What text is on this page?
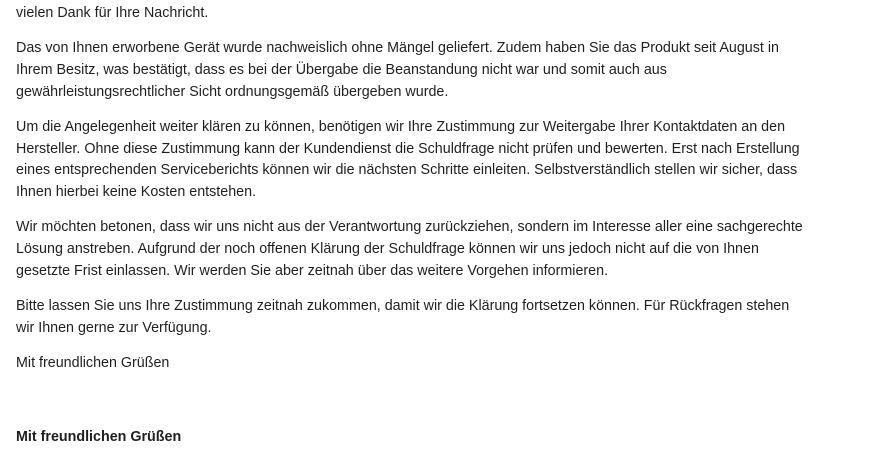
vielen Dank für Ihre Nachricht.

Das von Ihnen erworbene Gerät wurde nachweislich ohne Mängel geliefert. Zudem haben Sie das Produkt seit August in Ihrem Besitz, was bestätigt, dass es bei der Übergabe die Beanstandung nicht war und somit auch aus gewährleistungsrechtlicher Sicht ordnungsgemäß übergeben wurde.

Um die Angelegenheit weiter klären zu können, benötigen wir Ihre Zustimmung zur Weitergabe Ihrer Kontaktdaten an den Hersteller. Ohne diese Zustimmung kann der Kundendienst die Schuldfrage nicht prüfen und bewerten. Erst nach Erstellung eines entsprechenden Serviceberichts können wir die nächsten Schritte einleiten. Selbstverständlich stellen wir sicher, dass Ihnen hierbei keine Kosten entstehen.

Wir möchten betonen, dass wir uns nicht aus der Verantwortung zurückziehen, sondern im Interesse aller eine sachgerechte Lösung anstreben. Aufgrund der noch offenen Klärung der Schuldfrage können wir uns jedoch nicht auf die von Ihnen gesetzte Frist einlassen. Wir werden Sie aber zeitnah über das weitere Vorgehen informieren.

Bitte lassen Sie uns Ihre Zustimmung zeitnah zukommen, damit wir die Klärung fortsetzen können. Für Rückfragen stehen wir Ihnen gerne zur Verfügung.

Mit freundlichen Grüßen

Mit freundlichen Grüßen
